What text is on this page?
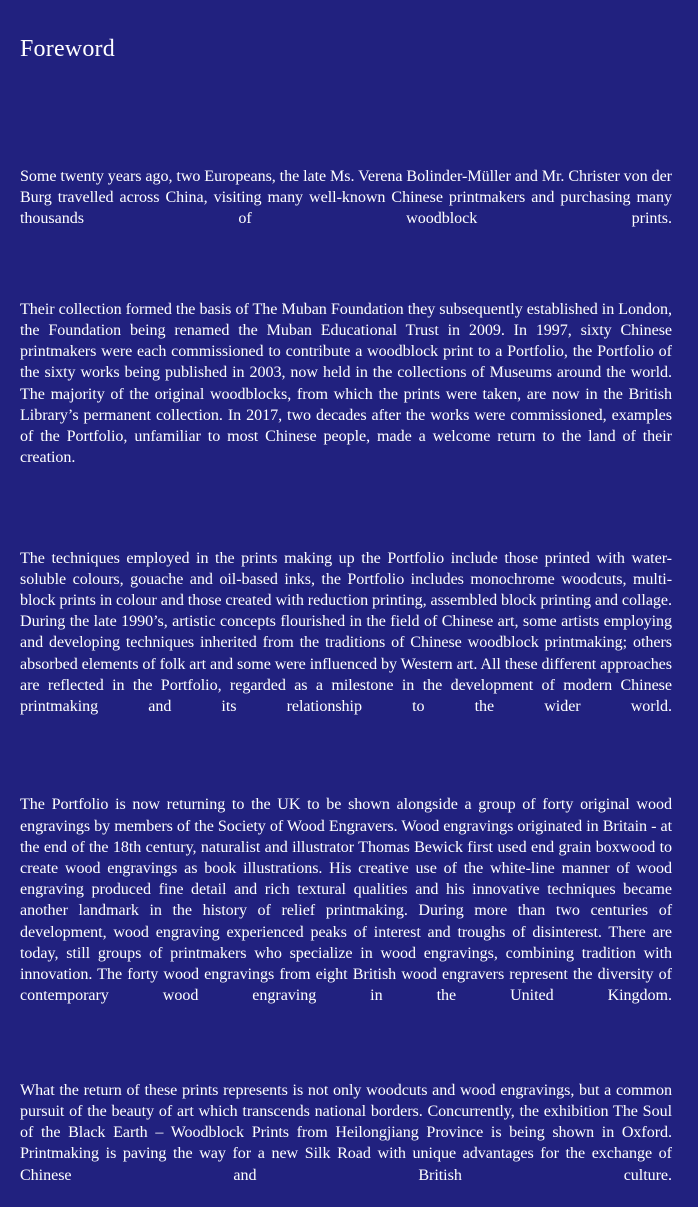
Foreword

Some twenty years ago, two Europeans, the late Ms. Verena Bolinder-Müller and Mr. Christer von der Burg travelled across China, visiting many well-known Chinese printmakers and purchasing many thousands of woodblock prints.

Their collection formed the basis of The Muban Foundation they subsequently established in London, the Foundation being renamed the Muban Educational Trust in 2009. In 1997, sixty Chinese printmakers were each commissioned to contribute a woodblock print to a Portfolio, the Portfolio of the sixty works being published in 2003, now held in the collections of Museums around the world. The majority of the original woodblocks, from which the prints were taken, are now in the British Library’s permanent collection. In 2017, two decades after the works were commissioned, examples of the Portfolio, unfamiliar to most Chinese people, made a welcome return to the land of their creation.

The techniques employed in the prints making up the Portfolio include those printed with water-soluble colours, gouache and oil-based inks, the Portfolio includes monochrome woodcuts, multi-block prints in colour and those created with reduction printing, assembled block printing and collage. During the late 1990’s, artistic concepts flourished in the field of Chinese art, some artists employing and developing techniques inherited from the traditions of Chinese woodblock printmaking; others absorbed elements of folk art and some were influenced by Western art. All these different approaches are reflected in the Portfolio, regarded as a milestone in the development of modern Chinese printmaking and its relationship to the wider world.

The Portfolio is now returning to the UK to be shown alongside a group of forty original wood engravings by members of the Society of Wood Engravers. Wood engravings originated in Britain - at the end of the 18th century, naturalist and illustrator Thomas Bewick first used end grain boxwood to create wood engravings as book illustrations. His creative use of the white-line manner of wood engraving produced fine detail and rich textural qualities and his innovative techniques became another landmark in the history of relief printmaking. During more than two centuries of development, wood engraving experienced peaks of interest and troughs of disinterest. There are today, still groups of printmakers who specialize in wood engravings, combining tradition with innovation. The forty wood engravings from eight British wood engravers represent the diversity of contemporary wood engraving in the United Kingdom.

What the return of these prints represents is not only woodcuts and wood engravings, but a common pursuit of the beauty of art which transcends national borders. Concurrently, the exhibition The Soul of the Black Earth – Woodblock Prints from Heilongjiang Province is being shown in Oxford. Printmaking is paving the way for a new Silk Road with unique advantages for the exchange of Chinese and British culture.
